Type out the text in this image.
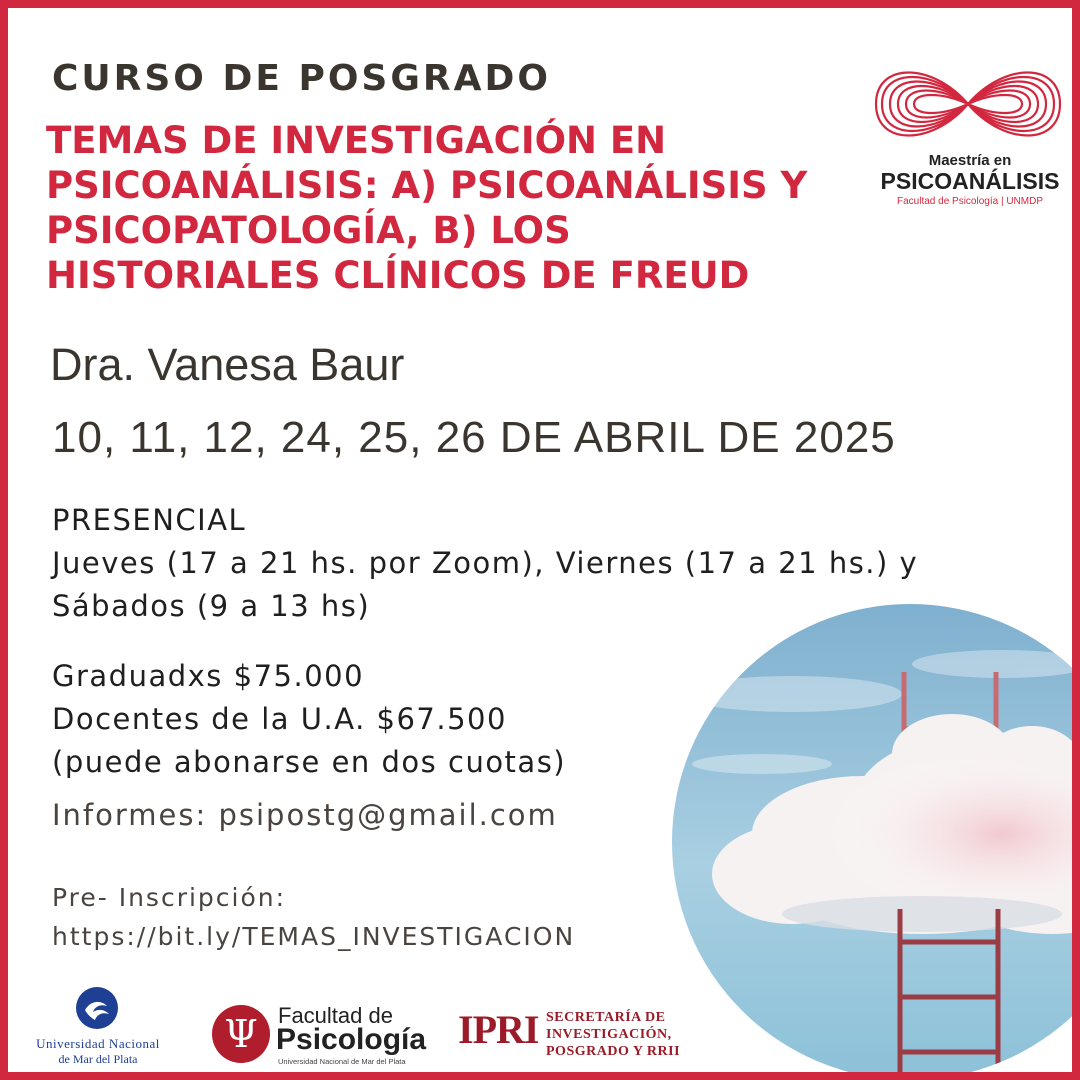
CURSO DE POSGRADO
TEMAS DE INVESTIGACIÓN EN
PSICOANÁLISIS: A) PSICOANÁLISIS Y
PSICOPATOLOGÍA, B) LOS
HISTORIALES CLÍNICOS DE FREUD
Maestría en
PSICOANÁLISIS
Facultad de Psicología | UNMDP
Dra. Vanesa Baur
10, 11, 12, 24, 25, 26 DE ABRIL DE 2025
PRESENCIAL
Jueves (17 a 21 hs. por Zoom), Viernes (17 a 21 hs.) y
Sábados (9 a 13 hs)
Graduadxs $75.000
Docentes de la U.A. $67.500
(puede abonarse en dos cuotas)
Informes: psipostg@gmail.com
Pre- Inscripción:
https://bit.ly/TEMAS_INVESTIGACION
Universidad Nacional
de Mar del Plata
Ψ Facultad de
Psicología
Universidad Nacional de Mar del Plata
IPRI SECRETARÍA DE
INVESTIGACIÓN,
POSGRADO Y RRII
